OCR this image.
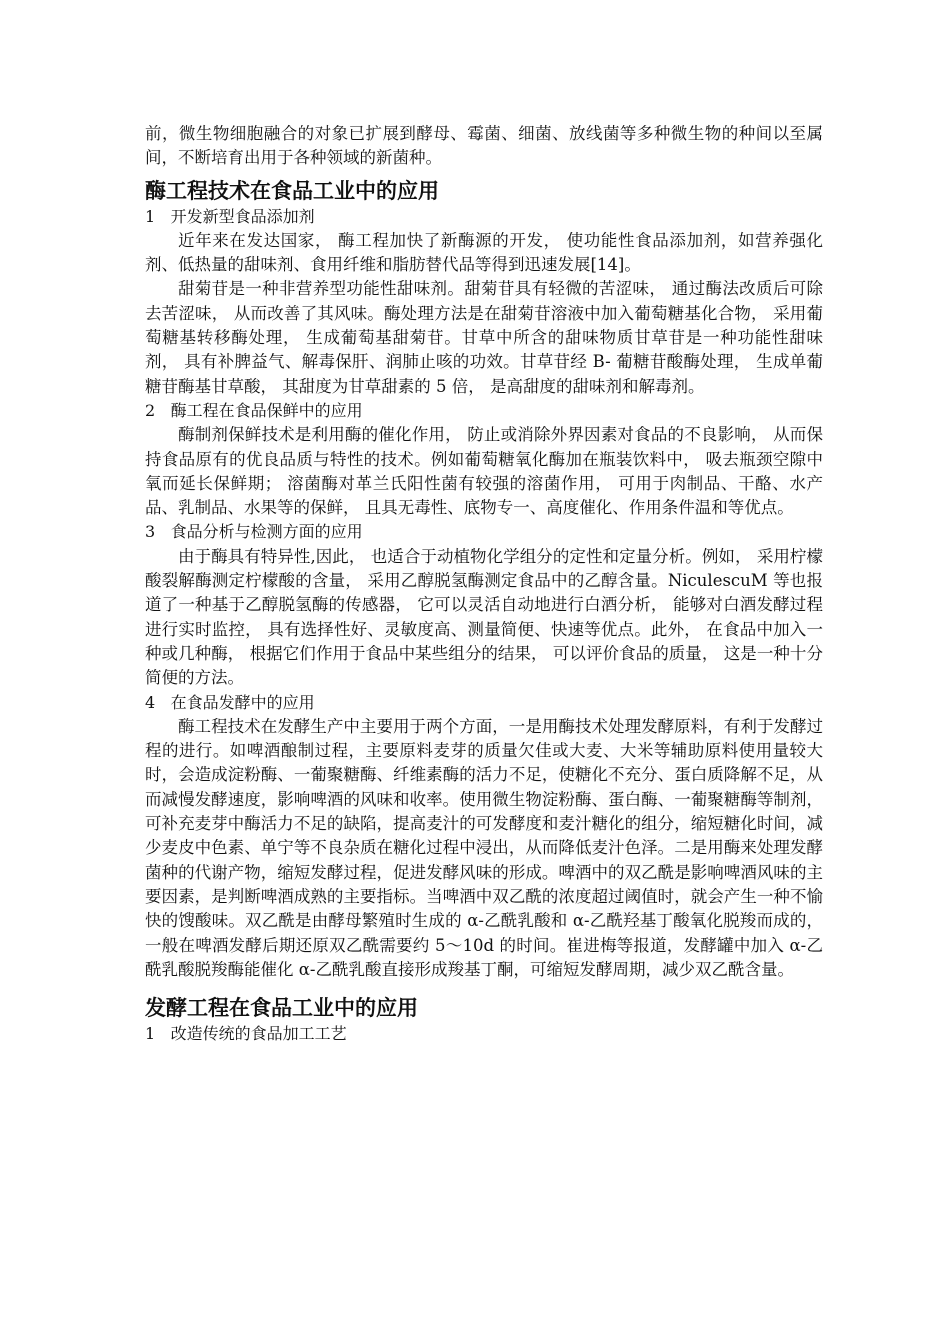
前，微生物细胞融合的对象已扩展到酵母、霉菌、细菌、放线菌等多种微生物的种间以至属间，不断培育出用于各种领域的新菌种。

酶工程技术在食品工业中的应用

1 开发新型食品添加剂

近年来在发达国家， 酶工程加快了新酶源的开发， 使功能性食品添加剂，如营养强化剂、低热量的甜味剂、食用纤维和脂肪替代品等得到迅速发展[14]。

甜菊苷是一种非营养型功能性甜味剂。甜菊苷具有轻微的苦涩味， 通过酶法改质后可除去苦涩味， 从而改善了其风味。酶处理方法是在甜菊苷溶液中加入葡萄糖基化合物， 采用葡萄糖基转移酶处理， 生成葡萄基甜菊苷。甘草中所含的甜味物质甘草苷是一种功能性甜味剂， 具有补脾益气、解毒保肝、润肺止咳的功效。甘草苷经 B- 葡糖苷酸酶处理， 生成单葡糖苷酶基甘草酸， 其甜度为甘草甜素的 5 倍， 是高甜度的甜味剂和解毒剂。

2 酶工程在食品保鲜中的应用

酶制剂保鲜技术是利用酶的催化作用， 防止或消除外界因素对食品的不良影响， 从而保持食品原有的优良品质与特性的技术。例如葡萄糖氧化酶加在瓶装饮料中， 吸去瓶颈空隙中氧而延长保鲜期； 溶菌酶对革兰氏阳性菌有较强的溶菌作用， 可用于肉制品、干酪、水产品、乳制品、水果等的保鲜， 且具无毒性、底物专一、高度催化、作用条件温和等优点。

3 食品分析与检测方面的应用

由于酶具有特异性,因此， 也适合于动植物化学组分的定性和定量分析。例如， 采用柠檬酸裂解酶测定柠檬酸的含量， 采用乙醇脱氢酶测定食品中的乙醇含量。NiculescuM 等也报道了一种基于乙醇脱氢酶的传感器， 它可以灵活自动地进行白酒分析， 能够对白酒发酵过程进行实时监控， 具有选择性好、灵敏度高、测量简便、快速等优点。此外， 在食品中加入一种或几种酶， 根据它们作用于食品中某些组分的结果， 可以评价食品的质量， 这是一种十分简便的方法。

4 在食品发酵中的应用

酶工程技术在发酵生产中主要用于两个方面，一是用酶技术处理发酵原料，有利于发酵过程的进行。如啤酒酿制过程，主要原料麦芽的质量欠佳或大麦、大米等辅助原料使用量较大时，会造成淀粉酶、一葡聚糖酶、纤维素酶的活力不足，使糖化不充分、蛋白质降解不足，从而减慢发酵速度，影响啤酒的风味和收率。使用微生物淀粉酶、蛋白酶、一葡聚糖酶等制剂，可补充麦芽中酶活力不足的缺陷，提高麦汁的可发酵度和麦汁糖化的组分，缩短糖化时间，减少麦皮中色素、单宁等不良杂质在糖化过程中浸出，从而降低麦汁色泽。二是用酶来处理发酵菌种的代谢产物，缩短发酵过程，促进发酵风味的形成。啤酒中的双乙酰是影响啤酒风味的主要因素，是判断啤酒成熟的主要指标。当啤酒中双乙酰的浓度超过阈值时，就会产生一种不愉快的馊酸味。双乙酰是由酵母繁殖时生成的 α-乙酰乳酸和 α-乙酰羟基丁酸氧化脱羧而成的，一般在啤酒发酵后期还原双乙酰需要约 5～10d 的时间。崔进梅等报道，发酵罐中加入 α-乙酰乳酸脱羧酶能催化 α-乙酰乳酸直接形成羧基丁酮，可缩短发酵周期，减少双乙酰含量。

发酵工程在食品工业中的应用

1 改造传统的食品加工工艺
